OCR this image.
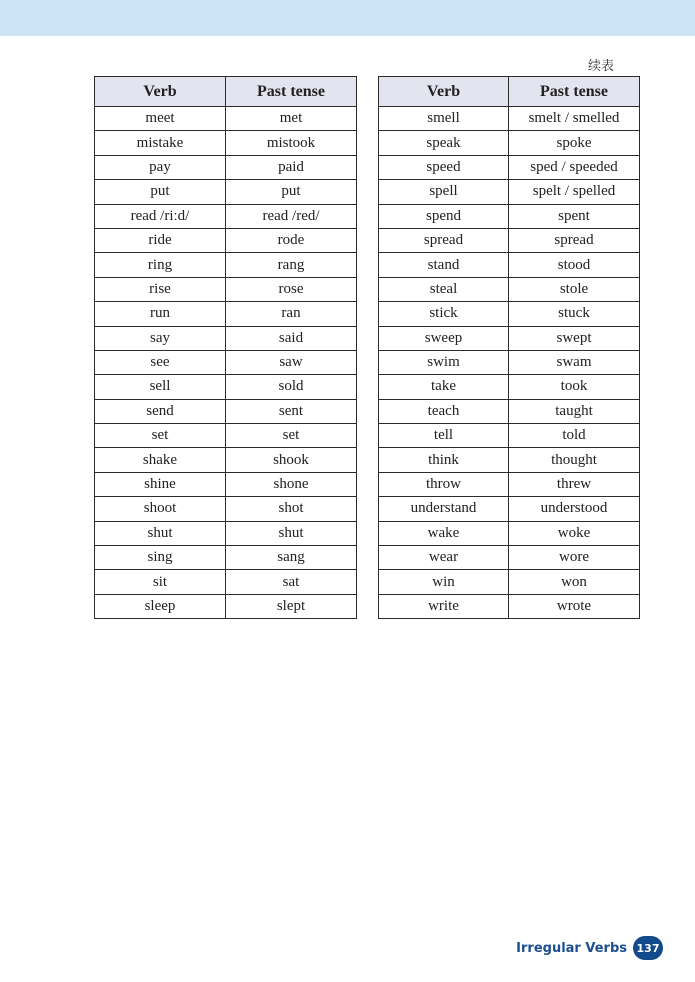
续表
Verb	Past tense
meet	met
mistake	mistook
pay	paid
put	put
read /riːd/	read /red/
ride	rode
ring	rang
rise	rose
run	ran
say	said
see	saw
sell	sold
send	sent
set	set
shake	shook
shine	shone
shoot	shot
shut	shut
sing	sang
sit	sat
sleep	slept
Verb	Past tense
smell	smelt / smelled
speak	spoke
speed	sped / speeded
spell	spelt / spelled
spend	spent
spread	spread
stand	stood
steal	stole
stick	stuck
sweep	swept
swim	swam
take	took
teach	taught
tell	told
think	thought
throw	threw
understand	understood
wake	woke
wear	wore
win	won
write	wrote
Irregular Verbs 137
